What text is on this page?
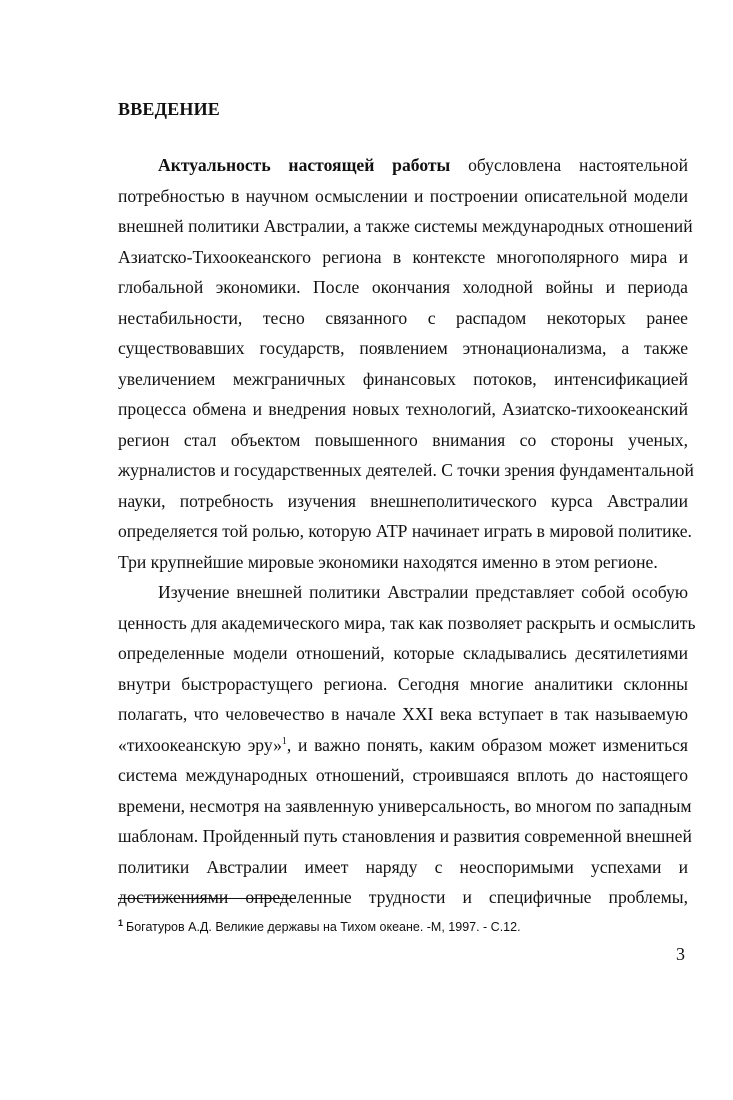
ВВЕДЕНИЕ
Актуальность настоящей работы обусловлена настоятельной
потребностью в научном осмыслении и построении описательной модели
внешней политики Австралии, а также системы международных отношений
Азиатско-Тихоокеанского региона в контексте многополярного мира и
глобальной экономики. После окончания холодной войны и периода
нестабильности, тесно связанного с распадом некоторых ранее
существовавших государств, появлением этнонационализма, а также
увеличением межграничных финансовых потоков, интенсификацией
процесса обмена и внедрения новых технологий, Азиатско-тихоокеанский
регион стал объектом повышенного внимания со стороны ученых,
журналистов и государственных деятелей. С точки зрения фундаментальной
науки, потребность изучения внешнеполитического курса Австралии
определяется той ролью, которую АТР начинает играть в мировой политике.
Три крупнейшие мировые экономики находятся именно в этом регионе.
Изучение внешней политики Австралии представляет собой особую
ценность для академического мира, так как позволяет раскрыть и осмыслить
определенные модели отношений, которые складывались десятилетиями
внутри быстрорастущего региона. Сегодня многие аналитики склонны
полагать, что человечество в начале XXI века вступает в так называемую
«тихоокеанскую эру»$^1$, и важно понять, каким образом может измениться
система международных отношений, строившаяся вплоть до настоящего
времени, несмотря на заявленную универсальность, во многом по западным
шаблонам. Пройденный путь становления и развития современной внешней
политики Австралии имеет наряду с неоспоримыми успехами и
достижениями определенные трудности и специфичные проблемы,
$^1$ Богатуров А.Д. Великие державы на Тихом океане. -М, 1997. - С.12.
3
